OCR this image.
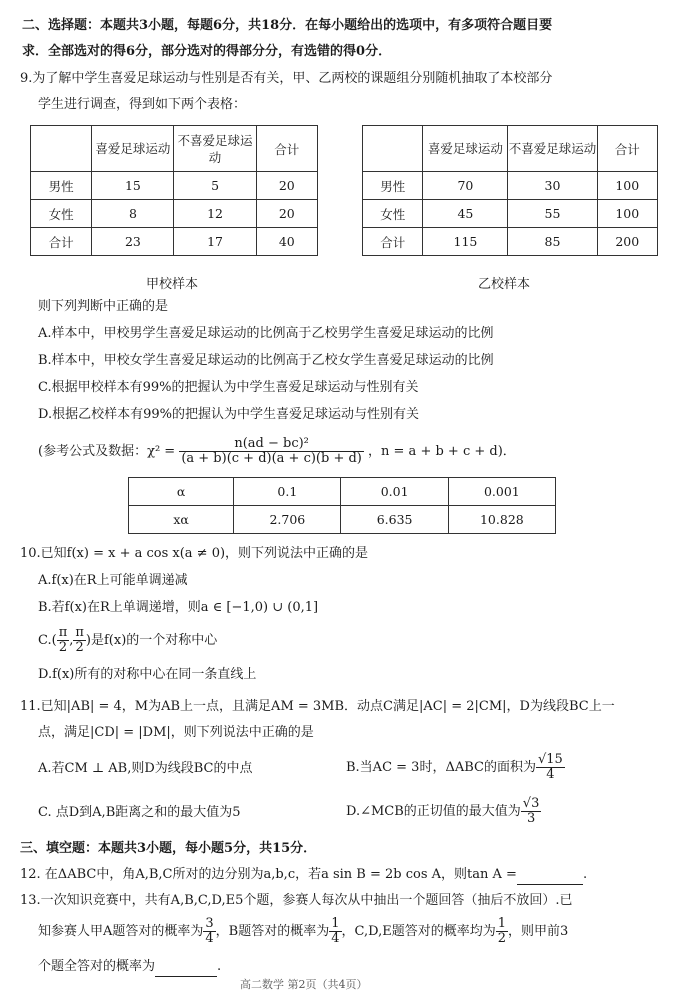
二、选择题：本题共3小题，每题6分，共18分．在每小题给出的选项中，有多项符合题目要
求．全部选对的得6分，部分选对的得部分分，有选错的得0分．
9.为了解中学生喜爱足球运动与性别是否有关，甲、乙两校的课题组分别随机抽取了本校部分
学生进行调查，得到如下两个表格：
	喜爱足球运动	不喜爱足球运动	合计
男性	15	5	20
女性	8	12	20
合计	23	17	40
甲校样本
	喜爱足球运动	不喜爱足球运动	合计
男性	70	30	100
女性	45	55	100
合计	115	85	200
乙校样本
则下列判断中正确的是
A.样本中，甲校男学生喜爱足球运动的比例高于乙校男学生喜爱足球运动的比例
B.样本中，甲校女学生喜爱足球运动的比例高于乙校女学生喜爱足球运动的比例
C.根据甲校样本有99%的把握认为中学生喜爱足球运动与性别有关
D.根据乙校样本有99%的把握认为中学生喜爱足球运动与性别有关
(参考公式及数据：$\chi^2 = \frac{\text{n(ad − bc)²}}{(a + b)(c + d)(a + c)(b + d)}$ ，n = a + b + c + d)．
α	0.1	0.01	0.001
xα	2.706	6.635	10.828
10.已知f(x) = x + a cos x(a ≠ 0)，则下列说法中正确的是
A.f(x)在R上可能单调递减
B.若f(x)在R上单调递增，则a ∈ [−1,0) ∪ (0,1]
$C.( \frac{\pi}{2}$ , $\frac{\pi}{2}$ )是f(x)的一个对称中心
D.f(x)所有的对称中心在同一条直线上
11.已知|AB| = 4，M为AB上一点，且满足AM = 3MB．动点C满足|AC| = 2|CM|，D为线段BC上一
点，满足|CD| = |DM|，则下列说法中正确的是
A.若CM ⊥ AB,则D为线段BC的中点	B.当AC = 3时，ΔABC的面积为 $\frac{√15}{4}$
C. 点D到A,B距离之和的最大值为5	D.∠MCB的正切值的最大值为 $\frac{√3}{3}$
三、填空题：本题共3小题，每小题5分，共15分．
12. 在ΔABC中，角A,B,C所对的边分别为a,b,c，若a sin B = 2b cos A，则tan A =	.
13.一次知识竞赛中，共有A,B,C,D,E5个题，参赛人每次从中抽出一个题回答（抽后不放回）.已
知参赛人甲A题答对的概率为 $\frac{3}{4}$ ，B题答对的概率为 $\frac{1}{4}$ ，C,D,E题答对的概率均为 $\frac{1}{2}$ ，则甲前3
个题全答对的概率为	.
高二数学 第2页（共4页）
